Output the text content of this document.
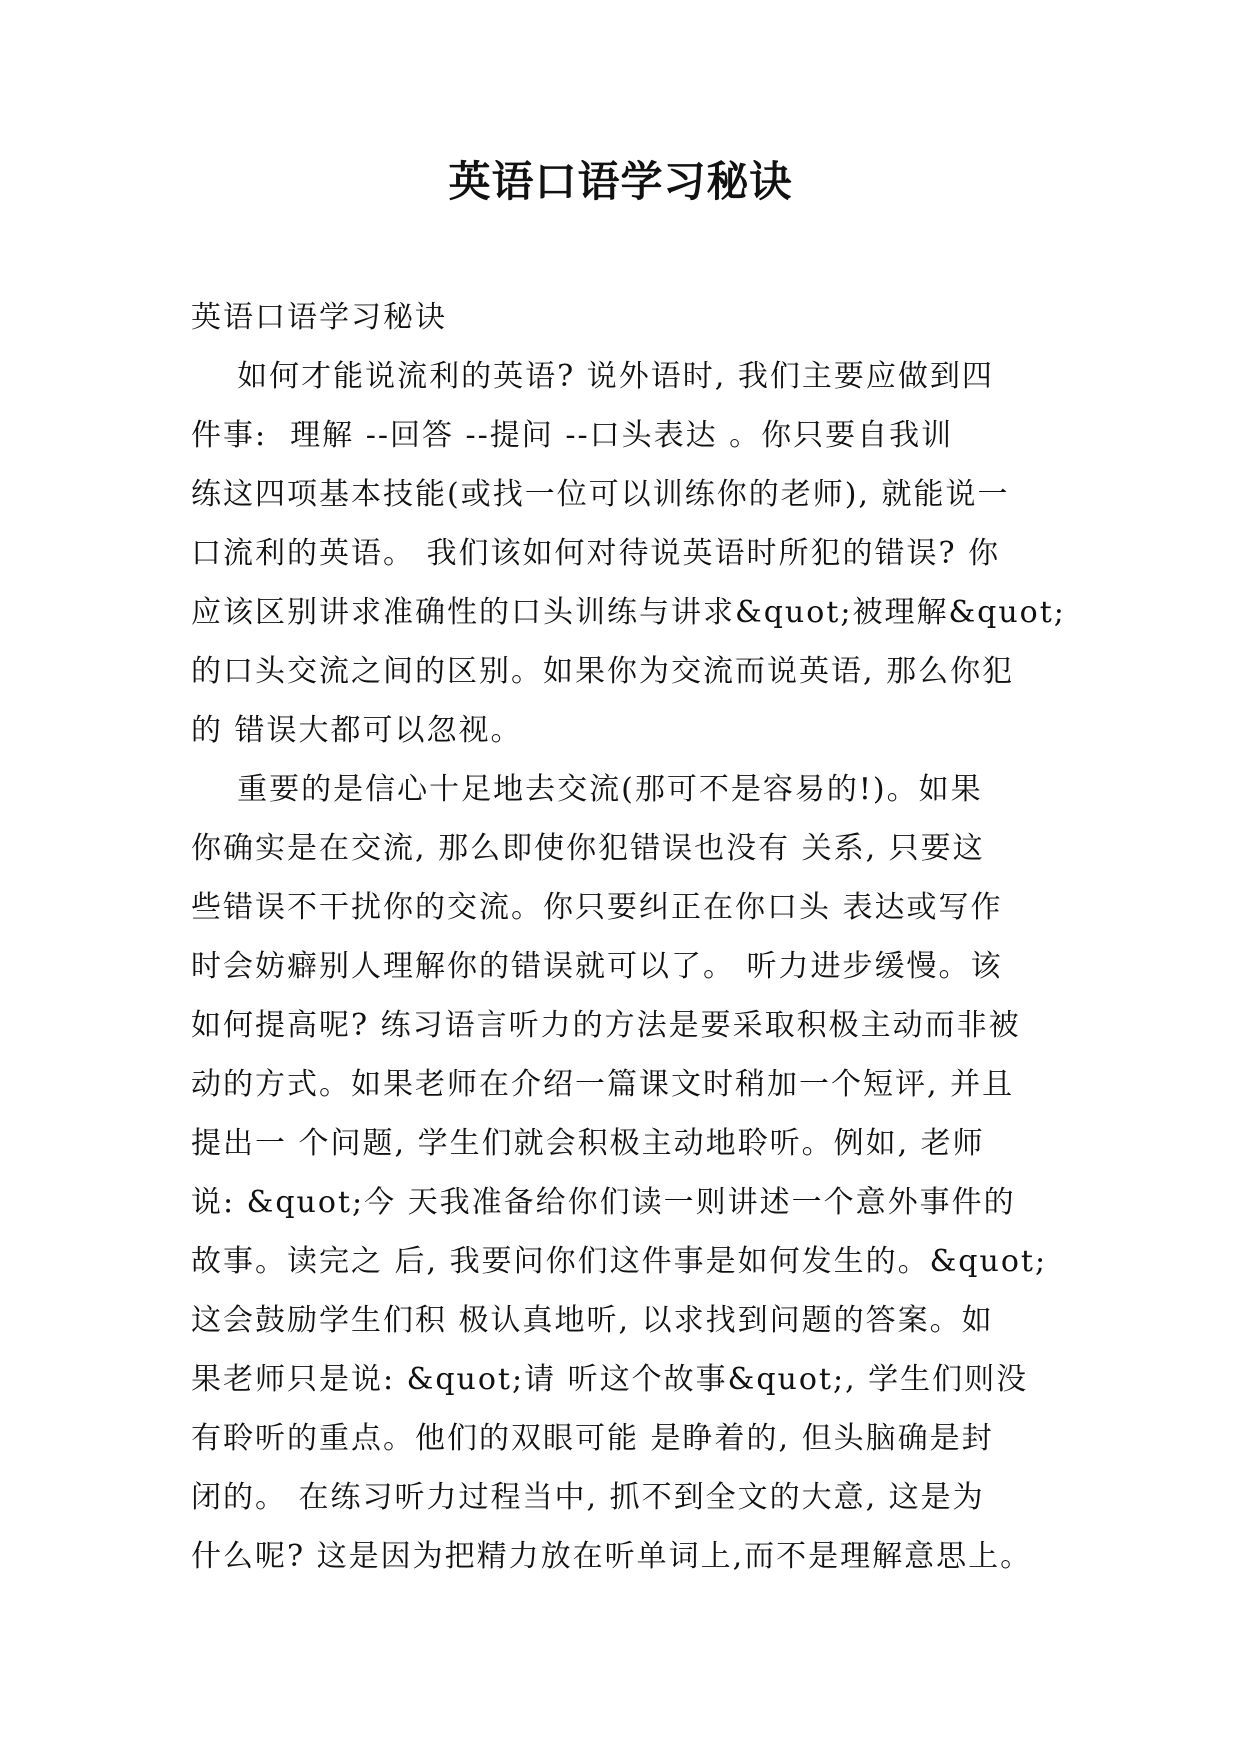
英语口语学习秘诀
英语口语学习秘诀
如何才能说流利的英语? 说外语时, 我们主要应做到四
件事:  理解 --回答 --提问 --口头表达 。你只要自我训
练这四项基本技能(或找一位可以训练你的老师), 就能说一
口流利的英语。 我们该如何对待说英语时所犯的错误? 你
应该区别讲求准确性的口头训练与讲求&quot;被理解&quot;
的口头交流之间的区别。如果你为交流而说英语, 那么你犯
的 错误大都可以忽视。
重要的是信心十足地去交流(那可不是容易的!)。如果
你确实是在交流, 那么即使你犯错误也没有 关系, 只要这
些错误不干扰你的交流。你只要纠正在你口头 表达或写作
时会妨癖别人理解你的错误就可以了。 听力进步缓慢。该
如何提高呢? 练习语言听力的方法是要采取积极主动而非被
动的方式。如果老师在介绍一篇课文时稍加一个短评, 并且
提出一 个问题, 学生们就会积极主动地聆听。例如, 老师
说: &quot;今 天我准备给你们读一则讲述一个意外事件的
故事。读完之 后, 我要问你们这件事是如何发生的。&quot;
这会鼓励学生们积 极认真地听, 以求找到问题的答案。如
果老师只是说: &quot;请 听这个故事&quot;, 学生们则没
有聆听的重点。他们的双眼可能 是睁着的, 但头脑确是封
闭的。 在练习听力过程当中, 抓不到全文的大意, 这是为
什么呢? 这是因为把精力放在听单词上,而不是理解意思上。
